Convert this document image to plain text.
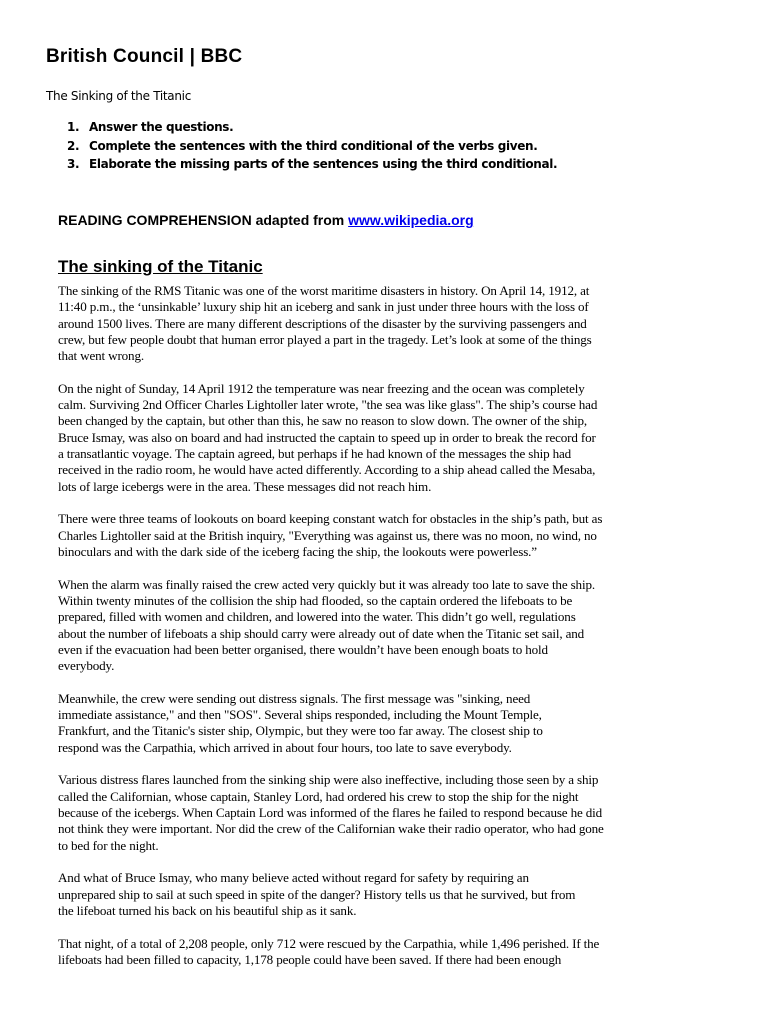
British Council | BBC
The Sinking of the Titanic
1. Answer the questions.
2. Complete the sentences with the third conditional of the verbs given.
3. Elaborate the missing parts of the sentences using the third conditional.
READING COMPREHENSION adapted from www.wikipedia.org
The sinking of the Titanic

The sinking of the RMS Titanic was one of the worst maritime disasters in history. On April 14, 1912, at
11:40 p.m., the ‘unsinkable’ luxury ship hit an iceberg and sank in just under three hours with the loss of
around 1500 lives. There are many different descriptions of the disaster by the surviving passengers and
crew, but few people doubt that human error played a part in the tragedy. Let’s look at some of the things
that went wrong.

On the night of Sunday, 14 April 1912 the temperature was near freezing and the ocean was completely
calm. Surviving 2nd Officer Charles Lightoller later wrote, "the sea was like glass". The ship’s course had
been changed by the captain, but other than this, he saw no reason to slow down. The owner of the ship,
Bruce Ismay, was also on board and had instructed the captain to speed up in order to break the record for
a transatlantic voyage. The captain agreed, but perhaps if he had known of the messages the ship had
received in the radio room, he would have acted differently. According to a ship ahead called the Mesaba,
lots of large icebergs were in the area. These messages did not reach him.

There were three teams of lookouts on board keeping constant watch for obstacles in the ship’s path, but as
Charles Lightoller said at the British inquiry, "Everything was against us, there was no moon, no wind, no
binoculars and with the dark side of the iceberg facing the ship, the lookouts were powerless.”

When the alarm was finally raised the crew acted very quickly but it was already too late to save the ship.
Within twenty minutes of the collision the ship had flooded, so the captain ordered the lifeboats to be
prepared, filled with women and children, and lowered into the water. This didn’t go well, regulations
about the number of lifeboats a ship should carry were already out of date when the Titanic set sail, and
even if the evacuation had been better organised, there wouldn’t have been enough boats to hold
everybody.

Meanwhile, the crew were sending out distress signals. The first message was "sinking, need
immediate assistance," and then "SOS". Several ships responded, including the Mount Temple,
Frankfurt, and the Titanic's sister ship, Olympic, but they were too far away. The closest ship to
respond was the Carpathia, which arrived in about four hours, too late to save everybody.

Various distress flares launched from the sinking ship were also ineffective, including those seen by a ship
called the Californian, whose captain, Stanley Lord, had ordered his crew to stop the ship for the night
because of the icebergs. When Captain Lord was informed of the flares he failed to respond because he did
not think they were important. Nor did the crew of the Californian wake their radio operator, who had gone
to bed for the night.

And what of Bruce Ismay, who many believe acted without regard for safety by requiring an
unprepared ship to sail at such speed in spite of the danger? History tells us that he survived, but from
the lifeboat turned his back on his beautiful ship as it sank.

That night, of a total of 2,208 people, only 712 were rescued by the Carpathia, while 1,496 perished. If the
lifeboats had been filled to capacity, 1,178 people could have been saved. If there had been enough
